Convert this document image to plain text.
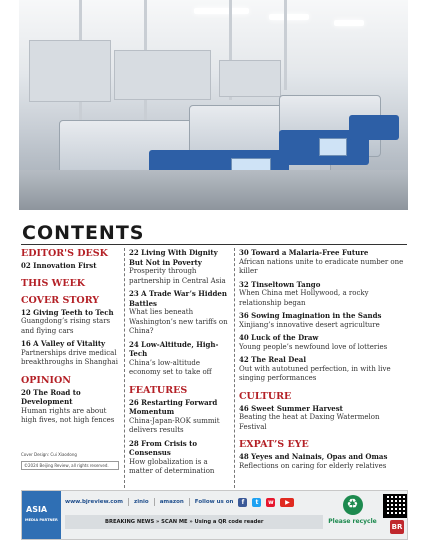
CONTENTS
EDITOR'S DESK
02 Innovation First
THIS WEEK
COVER STORY
12 Giving Teeth to Tech
Guangdong’s rising stars and flying cars
16 A Valley of Vitality
Partnerships drive medical breakthroughs in Shanghai
OPINION
20 The Road to Development
Human rights are about high fives, not high fences
Cover Design: Cui Xiaodong
©2024 Beijing Review, all rights reserved.
22 Living With Dignity But Not in Poverty
Prosperity through partnership in Central Asia
23 A Trade War’s Hidden Battles
What lies beneath Washington’s new tariffs on China?
24 Low-Altitude, High-Tech
China’s low-altitude economy set to take off
FEATURES
26 Restarting Forward Momentum
China-Japan-ROK summit delivers results
28 From Crisis to Consensus
How globalization is a matter of determination
30 Toward a Malaria-Free Future
African nations unite to eradicate number one killer
32 Tinseltown Tango
When China met Hollywood, a rocky relationship began
36 Sowing Imagination in the Sands
Xinjiang’s innovative desert agriculture
40 Luck of the Draw
Young people’s newfound love of lotteries
42 The Real Deal
Out with autotuned perfection, in with live singing performances
CULTURE
46 Sweet Summer Harvest
Beating the heat at Daxing Watermelon Festival
EXPAT’S EYE
48 Yeyes and Nainais, Opas and Omas
Reflections on caring for elderly relatives
ASIA
MEDIA PARTNER
www.bjreview.com zinio amazon Follow us on	f	t	w	▶
BREAKING NEWS » SCAN ME » Using a QR code reader
♻
Please recycle
BR
